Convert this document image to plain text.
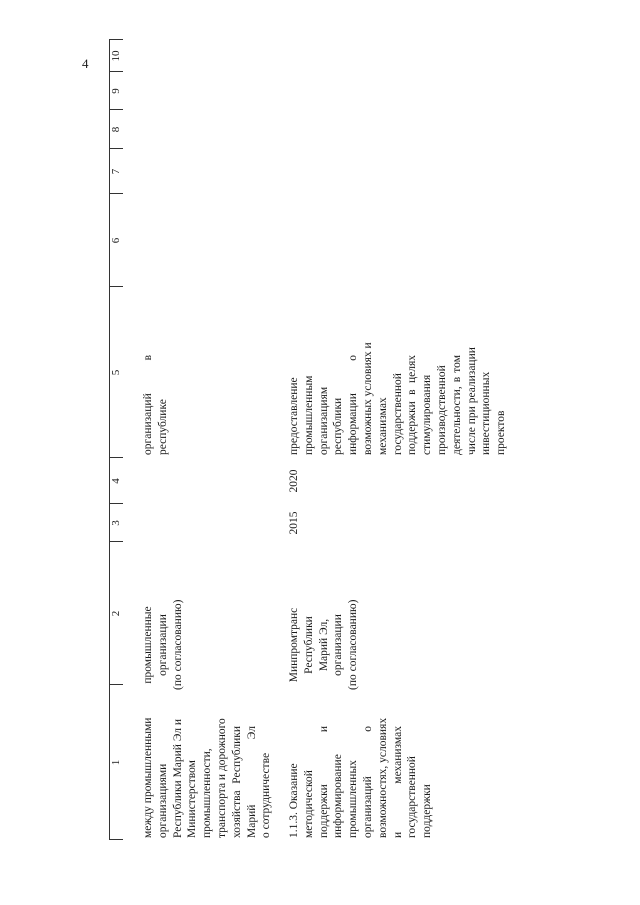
4
1
2
3
4
5
6
7
8
9
10
между промышленными организациями Республики Марий Эл и Министерством промышленности, транспорта и дорожного хозяйства Республики Марий Эл о сотрудничестве
промышленные организации (по согласованию)
организаций в республике
1.1.3. Оказание методической поддержки и информирование промышленных организаций о возможностях, условиях и механизмах государственной поддержки
Минпромтранс Республики Марий Эл, организации (по согласованию)
2015
2020
предоставление промышленным организациям республики информации о возможных условиях и механизмах государственной поддержки в целях стимулирования производственной деятельности, в том числе при реализации инвестиционных проектов
